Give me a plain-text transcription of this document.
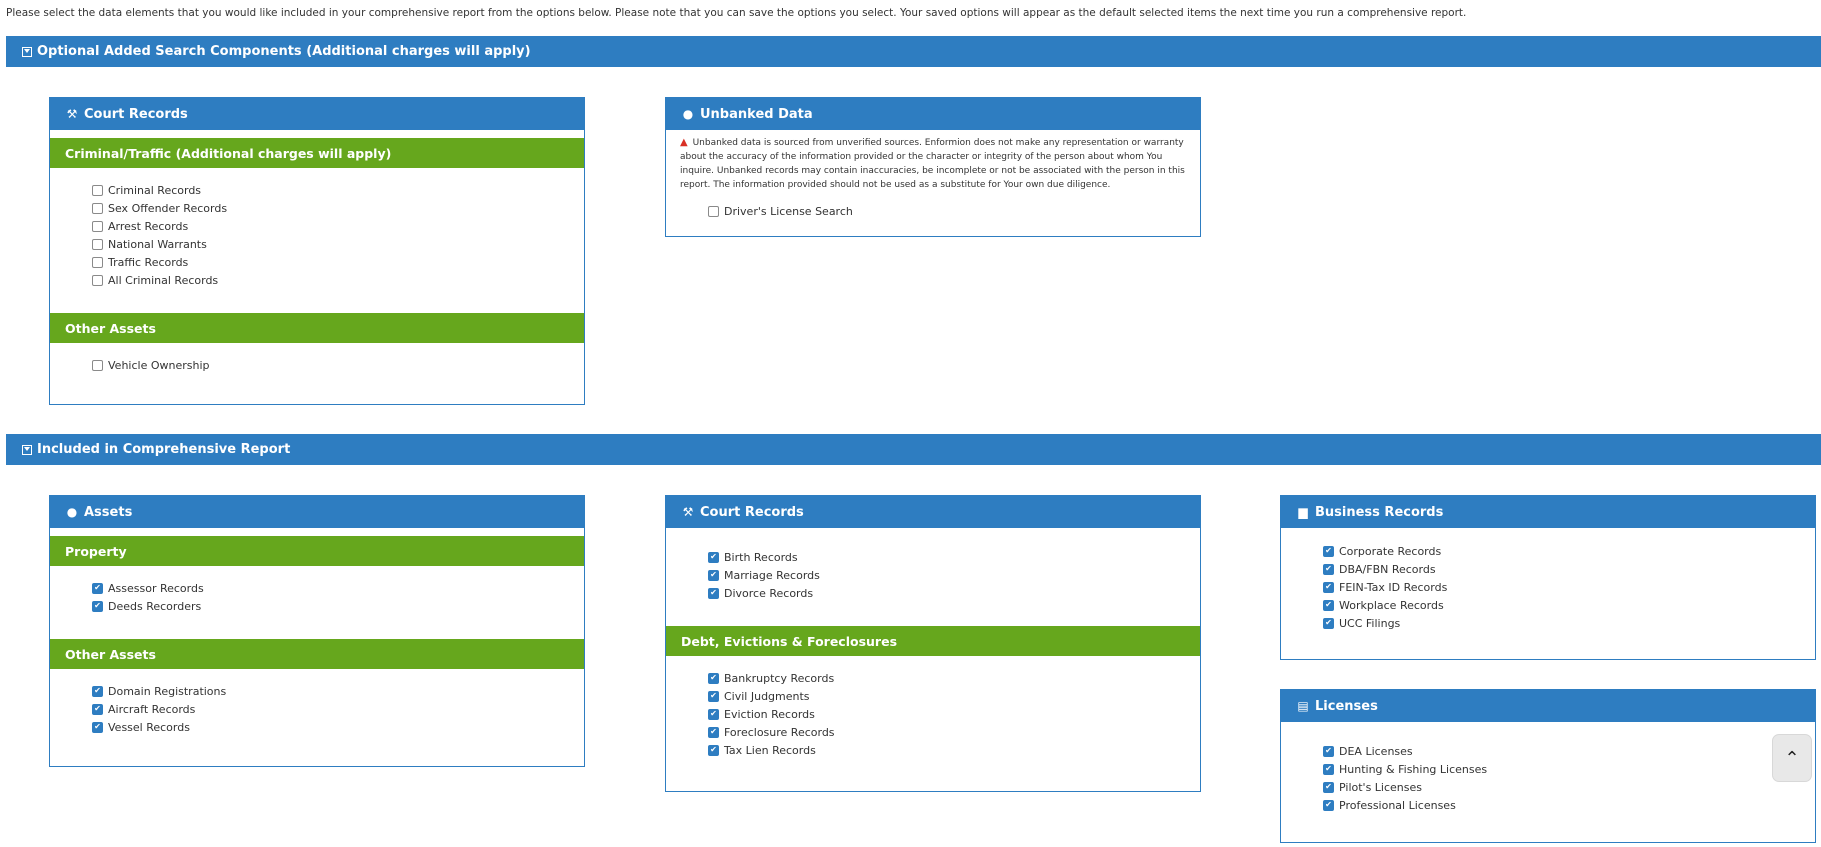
Please select the data elements that you would like included in your comprehensive report from the options below. Please note that you can save the options you select. Your saved options will appear as the default selected items the next time you run a comprehensive report.
Optional Added Search Components (Additional charges will apply)
⚒ Court Records
Criminal/Traffic (Additional charges will apply)
Criminal Records
Sex Offender Records
Arrest Records
National Warrants
Traffic Records
All Criminal Records
Other Assets
Vehicle Ownership
● Unbanked Data
▲ Unbanked data is sourced from unverified sources. Enformion does not make any representation or warranty about the accuracy of the information provided or the character or integrity of the person about whom You inquire. Unbanked records may contain inaccuracies, be incomplete or not be associated with the person in this report. The information provided should not be used as a substitute for Your own due diligence.
Driver's License Search
Included in Comprehensive Report
● Assets
Property
✔
Assessor Records
✔
Deeds Recorders
Other Assets
✔
Domain Registrations
✔
Aircraft Records
✔
Vessel Records
⚒ Court Records
✔
Birth Records
✔
Marriage Records
✔
Divorce Records
Debt, Evictions & Foreclosures
✔
Bankruptcy Records
✔
Civil Judgments
✔
Eviction Records
✔
Foreclosure Records
✔
Tax Lien Records
▆ Business Records
✔
Corporate Records
✔
DBA/FBN Records
✔
FEIN-Tax ID Records
✔
Workplace Records
✔
UCC Filings
▤ Licenses
✔
DEA Licenses
✔
Hunting & Fishing Licenses
✔
Pilot's Licenses
✔
Professional Licenses
⌃
